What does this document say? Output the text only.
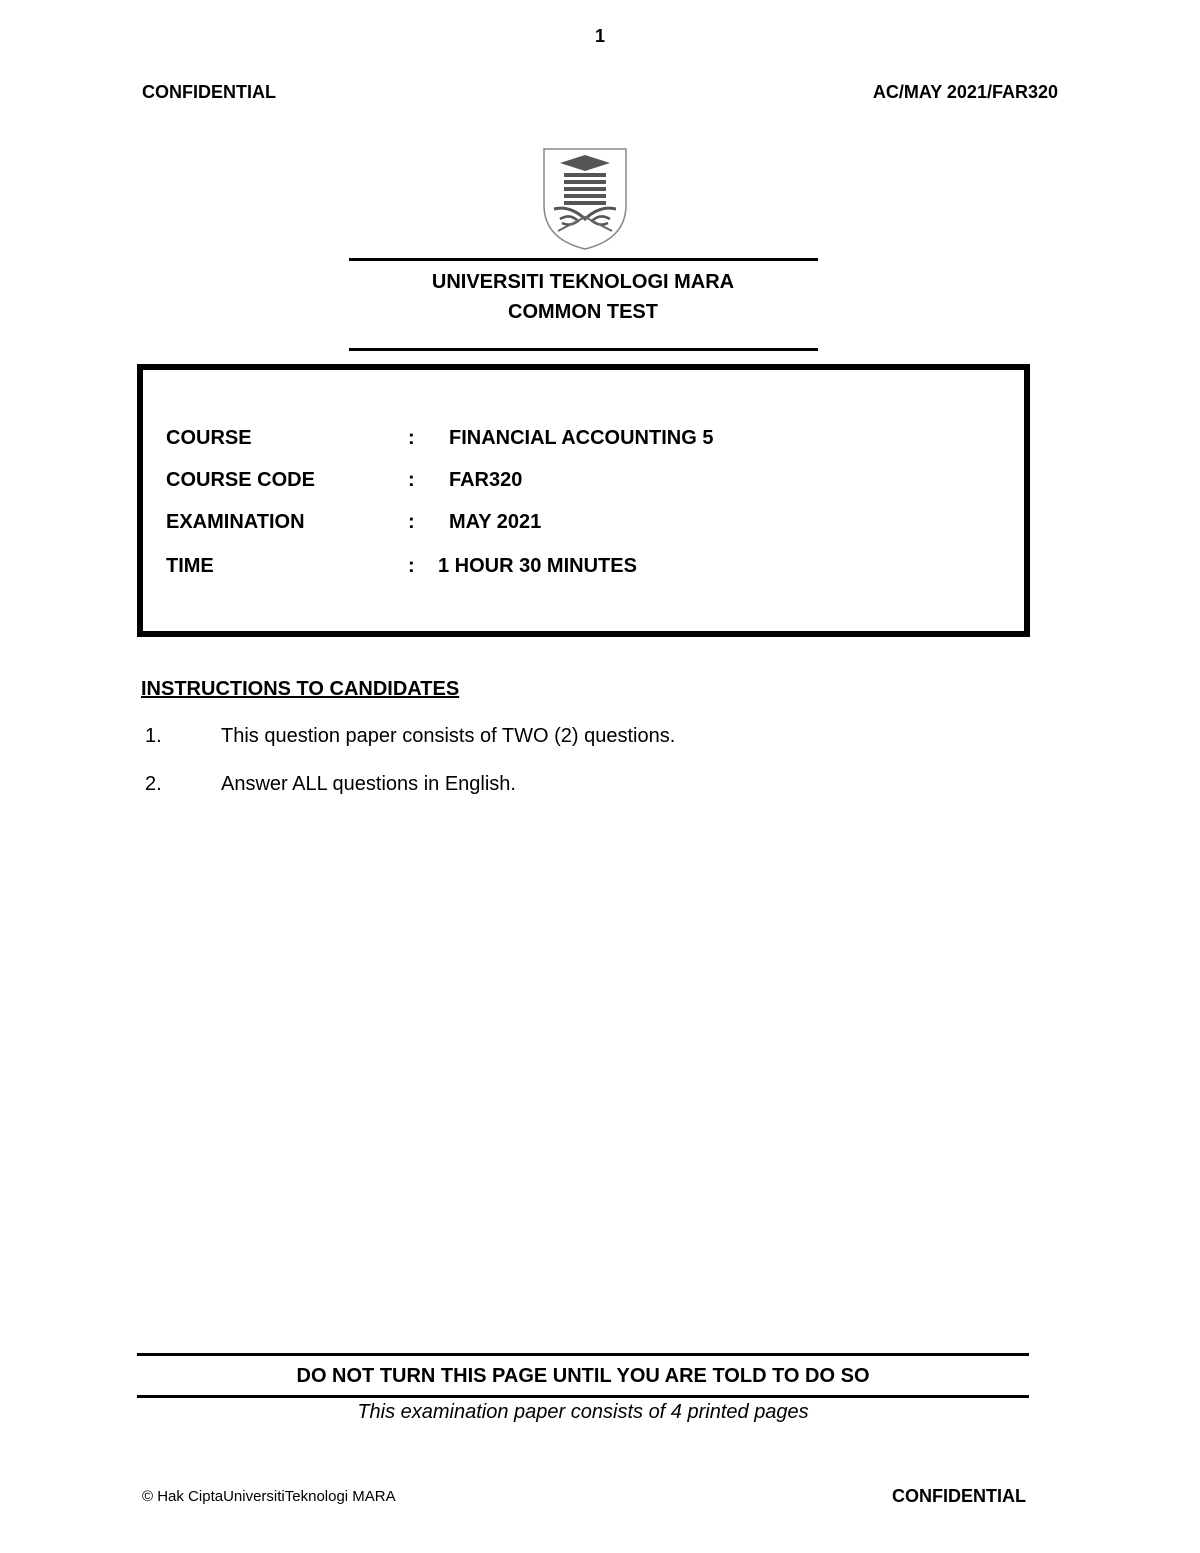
1
CONFIDENTIAL	AC/MAY 2021/FAR320
UNIVERSITI TEKNOLOGI MARA
COMMON TEST
COURSE	: FINANCIAL ACCOUNTING 5
COURSE CODE	: FAR320
EXAMINATION	: MAY 2021
TIME	: 1 HOUR 30 MINUTES
INSTRUCTIONS TO CANDIDATES
1.	This question paper consists of TWO (2) questions.
2.	Answer ALL questions in English.
DO NOT TURN THIS PAGE UNTIL YOU ARE TOLD TO DO SO
This examination paper consists of 4 printed pages
© Hak CiptaUniversitiTeknologi MARA	CONFIDENTIAL
